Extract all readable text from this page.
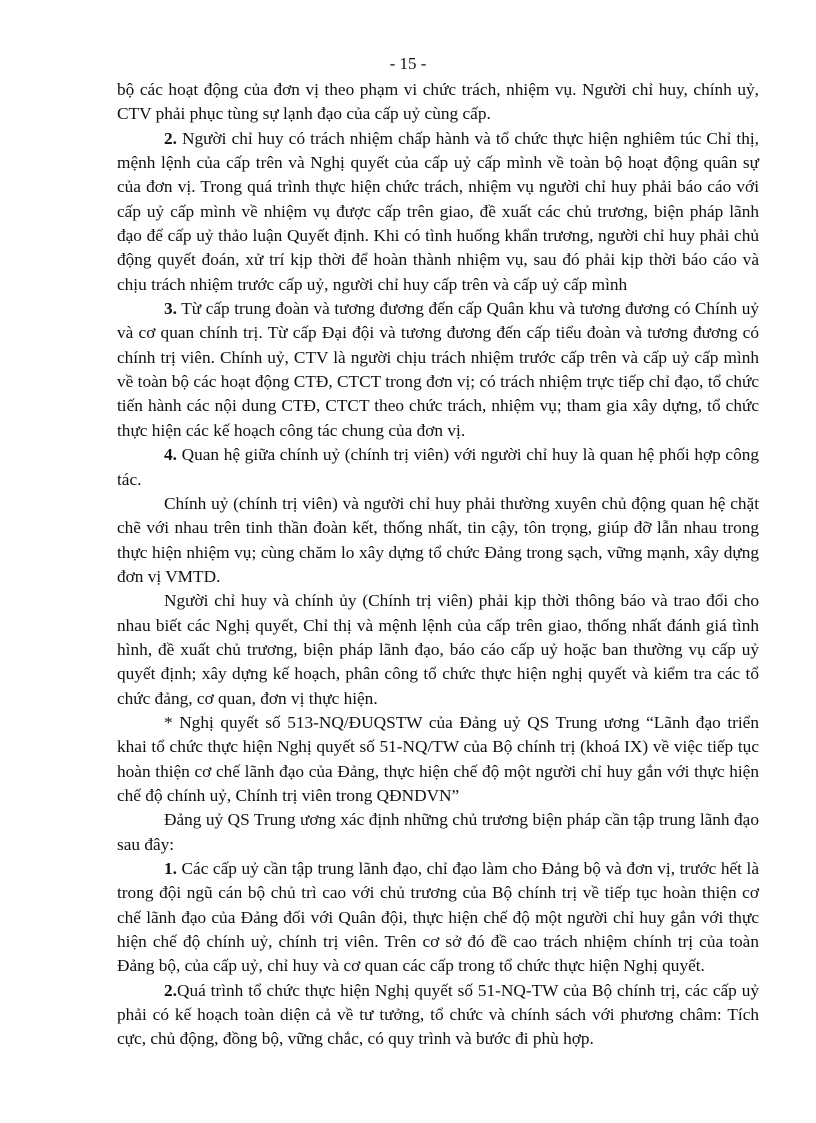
- 15 -

bộ các hoạt động của đơn vị theo phạm vi chức trách, nhiệm vụ. Người chỉ huy, chính uỷ, CTV phải phục tùng sự lạnh đạo của cấp uỷ cùng cấp.

2. Người chỉ huy có trách nhiệm chấp hành và tổ chức thực hiện nghiêm túc Chỉ thị, mệnh lệnh của cấp trên và Nghị quyết của cấp uỷ cấp mình về toàn bộ hoạt động quân sự của đơn vị. Trong quá trình thực hiện chức trách, nhiệm vụ người chỉ huy phải báo cáo với cấp uỷ cấp mình về nhiệm vụ được cấp trên giao, đề xuất các chủ trương, biện pháp lãnh đạo để cấp uỷ thảo luận Quyết định. Khi có tình huống khẩn trương, người chỉ huy phải chủ động quyết đoán, xử trí kịp thời để hoàn thành nhiệm vụ, sau đó phải kịp thời báo cáo và chịu trách nhiệm trước cấp uỷ, người chỉ huy cấp trên và cấp uỷ cấp mình

3. Từ cấp trung đoàn và tương đương đến cấp Quân khu và tương đương có Chính uỷ và cơ quan chính trị. Từ cấp Đại đội và tương đương đến cấp tiểu đoàn và tương đương có chính trị viên. Chính uỷ, CTV là người chịu trách nhiệm trước cấp trên và cấp uỷ cấp mình về toàn bộ các hoạt động CTĐ, CTCT trong đơn vị; có trách nhiệm trực tiếp chỉ đạo, tổ chức tiến hành các nội dung CTĐ, CTCT theo chức trách, nhiệm vụ; tham gia xây dựng, tổ chức thực hiện các kế hoạch công tác chung của đơn vị.

4. Quan hệ giữa chính uỷ (chính trị viên) với người chỉ huy là quan hệ phối hợp công tác.

Chính uỷ (chính trị viên) và người chỉ huy phải thường xuyên chủ động quan hệ chặt chẽ với nhau trên tinh thần đoàn kết, thống nhất, tin cậy, tôn trọng, giúp đỡ lẫn nhau trong thực hiện nhiệm vụ; cùng chăm lo xây dựng tổ chức Đảng trong sạch, vững mạnh, xây dựng đơn vị VMTD.

Người chỉ huy và chính ủy (Chính trị viên) phải kịp thời thông báo và trao đổi cho nhau biết các Nghị quyết, Chỉ thị và mệnh lệnh của cấp trên giao, thống nhất đánh giá tình hình, đề xuất chủ trương, biện pháp lãnh đạo, báo cáo cấp uỷ hoặc ban thường vụ cấp uỷ quyết định; xây dựng kế hoạch, phân công tổ chức thực hiện nghị quyết và kiểm tra các tổ chức đảng, cơ quan, đơn vị thực hiện.

* Nghị quyết số 513-NQ/ĐUQSTW của Đảng uỷ QS Trung ương “Lãnh đạo triển khai tổ chức thực hiện Nghị quyết số 51-NQ/TW của Bộ chính trị (khoá IX) về việc tiếp tục hoàn thiện cơ chế lãnh đạo của Đảng, thực hiện chế độ một người chỉ huy gắn với thực hiện chế độ chính uỷ, Chính trị viên trong QĐNDVN”

Đảng uỷ QS Trung ương xác định những chủ trương biện pháp cần tập trung lãnh đạo sau đây:

1. Các cấp uỷ cần tập trung lãnh đạo, chỉ đạo làm cho Đảng bộ và đơn vị, trước hết là trong đội ngũ cán bộ chủ trì cao với chủ trương của Bộ chính trị về tiếp tục hoàn thiện cơ chế lãnh đạo của Đảng đối với Quân đội, thực hiện chế độ một người chỉ huy gắn với thực hiện chế độ chính uỷ, chính trị viên. Trên cơ sở đó đề cao trách nhiệm chính trị của toàn Đảng bộ, của cấp uỷ, chỉ huy và cơ quan các cấp trong tổ chức thực hiện Nghị quyết.

2.Quá trình tổ chức thực hiện Nghị quyết số 51-NQ-TW của Bộ chính trị, các cấp uỷ phải có kế hoạch toàn diện cả về tư tưởng, tổ chức và chính sách với phương châm: Tích cực, chủ động, đồng bộ, vững chắc, có quy trình và bước đi phù hợp.
